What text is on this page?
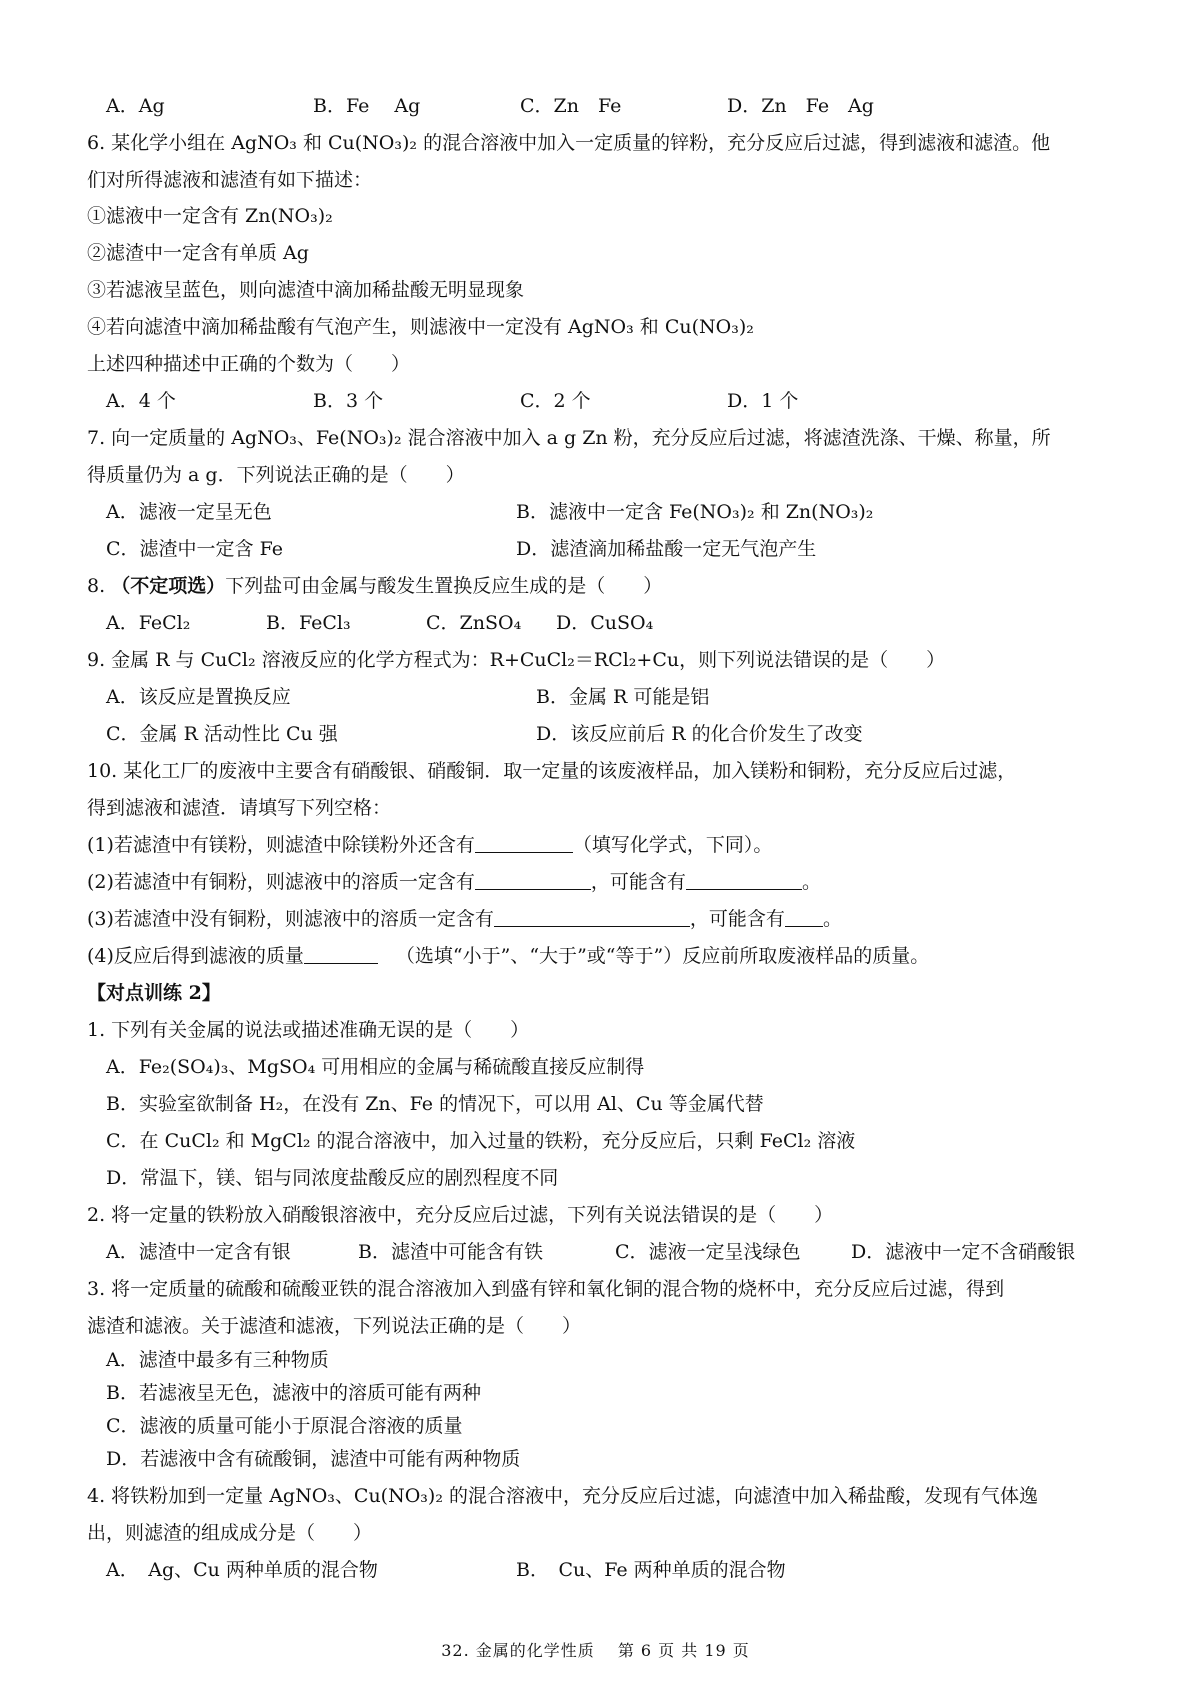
A．Ag	B．Fe　 Ag	C．Zn　Fe	D．Zn　Fe　Ag
6. 某化学小组在 AgNO₃ 和 Cu(NO₃)₂ 的混合溶液中加入一定质量的锌粉，充分反应后过滤，得到滤液和滤渣。他
们对所得滤液和滤渣有如下描述：
①滤液中一定含有 Zn(NO₃)₂
②滤渣中一定含有单质 Ag
③若滤液呈蓝色，则向滤渣中滴加稀盐酸无明显现象
④若向滤渣中滴加稀盐酸有气泡产生，则滤液中一定没有 AgNO₃ 和 Cu(NO₃)₂
上述四种描述中正确的个数为（　　）
A．4 个	B．3 个	C．2 个	D．1 个
7. 向一定质量的 AgNO₃、Fe(NO₃)₂ 混合溶液中加入 a g Zn 粉，充分反应后过滤，将滤渣洗涤、干燥、称量，所
得质量仍为 a g．下列说法正确的是（　　）
A．滤液一定呈无色	B．滤液中一定含 Fe(NO₃)₂ 和 Zn(NO₃)₂
C．滤渣中一定含 Fe	D．滤渣滴加稀盐酸一定无气泡产生
8. （不定项选）下列盐可由金属与酸发生置换反应生成的是（　　）
A．FeCl₂	B．FeCl₃	C．ZnSO₄ D．CuSO₄
9. 金属 R 与 CuCl₂ 溶液反应的化学方程式为：R+CuCl₂＝RCl₂+Cu，则下列说法错误的是（　　）
A．该反应是置换反应	B．金属 R 可能是铝
C．金属 R 活动性比 Cu 强	D．该反应前后 R 的化合价发生了改变
10. 某化工厂的废液中主要含有硝酸银、硝酸铜．取一定量的该废液样品，加入镁粉和铜粉，充分反应后过滤，
得到滤液和滤渣．请填写下列空格：
(1)若滤渣中有镁粉，则滤渣中除镁粉外还含有	（填写化学式，下同）。
(2)若滤渣中有铜粉，则滤液中的溶质一定含有	，可能含有	。
(3)若滤渣中没有铜粉，则滤液中的溶质一定含有	，可能含有 。
(4)反应后得到滤液的质量	（选填“小于”、“大于”或“等于”）反应前所取废液样品的质量。
【对点训练 2】
1. 下列有关金属的说法或描述准确无误的是（　　）
A．Fe₂(SO₄)₃、MgSO₄ 可用相应的金属与稀硫酸直接反应制得
B．实验室欲制备 H₂，在没有 Zn、Fe 的情况下，可以用 Al、Cu 等金属代替
C．在 CuCl₂ 和 MgCl₂ 的混合溶液中，加入过量的铁粉，充分反应后，只剩 FeCl₂ 溶液
D．常温下，镁、铝与同浓度盐酸反应的剧烈程度不同
2. 将一定量的铁粉放入硝酸银溶液中，充分反应后过滤，下列有关说法错误的是（　　）
A．滤渣中一定含有银	B．滤渣中可能含有铁	C．滤液一定呈浅绿色	D．滤液中一定不含硝酸银
3. 将一定质量的硫酸和硫酸亚铁的混合溶液加入到盛有锌和氧化铜的混合物的烧杯中，充分反应后过滤，得到
滤渣和滤液。关于滤渣和滤液，下列说法正确的是（　　）
A．滤渣中最多有三种物质
B．若滤液呈无色，滤液中的溶质可能有两种
C．滤液的质量可能小于原混合溶液的质量
D．若滤液中含有硫酸铜，滤渣中可能有两种物质
4. 将铁粉加到一定量 AgNO₃、Cu(NO₃)₂ 的混合溶液中，充分反应后过滤，向滤渣中加入稀盐酸，发现有气体逸
出，则滤渣的组成成分是（　　）
A．　Ag、Cu 两种单质的混合物	B．　Cu、Fe 两种单质的混合物
32. 金属的化学性质　 第 6 页 共 19 页
